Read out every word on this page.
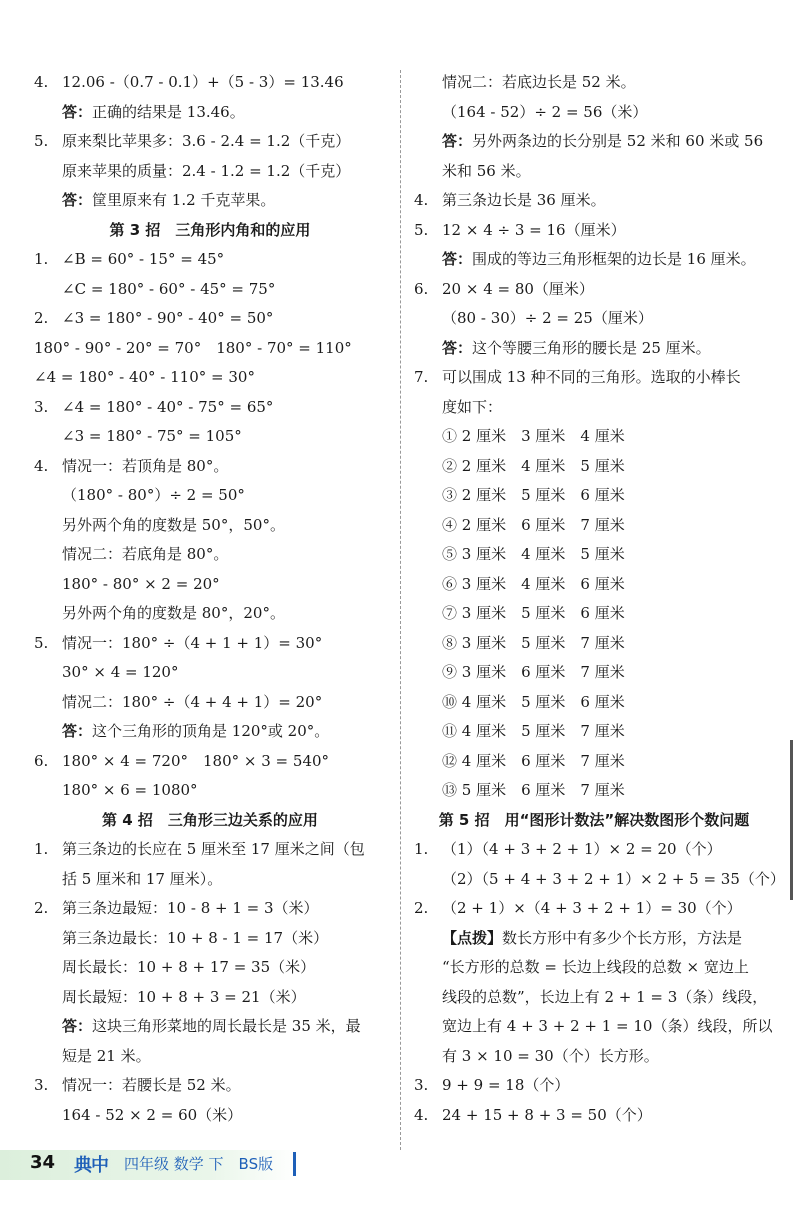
4. 12.06 -（0.7 - 0.1）+（5 - 3）= 13.46
答：正确的结果是 13.46。
5. 原来梨比苹果多：3.6 - 2.4 = 1.2（千克）
原来苹果的质量：2.4 - 1.2 = 1.2（千克）
答：筐里原来有 1.2 千克苹果。
第 3 招　三角形内角和的应用
1. ∠B = 60° - 15° = 45°
∠C = 180° - 60° - 45° = 75°
2. ∠3 = 180° - 90° - 40° = 50°
180° - 90° - 20° = 70°　180° - 70° = 110°
∠4 = 180° - 40° - 110° = 30°
3. ∠4 = 180° - 40° - 75° = 65°
∠3 = 180° - 75° = 105°
4. 情况一：若顶角是 80°。
（180° - 80°）÷ 2 = 50°
另外两个角的度数是 50°，50°。
情况二：若底角是 80°。
180° - 80° × 2 = 20°
另外两个角的度数是 80°，20°。
5. 情况一：180° ÷（4 + 1 + 1）= 30°
30° × 4 = 120°
情况二：180° ÷（4 + 4 + 1）= 20°
答：这个三角形的顶角是 120°或 20°。
6. 180° × 4 = 720°　180° × 3 = 540°
180° × 6 = 1080°
第 4 招　三角形三边关系的应用
1. 第三条边的长应在 5 厘米至 17 厘米之间（包
括 5 厘米和 17 厘米）。
2. 第三条边最短：10 - 8 + 1 = 3（米）
第三条边最长：10 + 8 - 1 = 17（米）
周长最长：10 + 8 + 17 = 35（米）
周长最短：10 + 8 + 3 = 21（米）
答：这块三角形菜地的周长最长是 35 米，最
短是 21 米。
3. 情况一：若腰长是 52 米。
164 - 52 × 2 = 60（米）
情况二：若底边长是 52 米。
（164 - 52）÷ 2 = 56（米）
答：另外两条边的长分别是 52 米和 60 米或 56
米和 56 米。
4. 第三条边长是 36 厘米。
5. 12 × 4 ÷ 3 = 16（厘米）
答：围成的等边三角形框架的边长是 16 厘米。
6. 20 × 4 = 80（厘米）
（80 - 30）÷ 2 = 25（厘米）
答：这个等腰三角形的腰长是 25 厘米。
7. 可以围成 13 种不同的三角形。选取的小棒长
度如下：
① 2 厘米　3 厘米　4 厘米
② 2 厘米　4 厘米　5 厘米
③ 2 厘米　5 厘米　6 厘米
④ 2 厘米　6 厘米　7 厘米
⑤ 3 厘米　4 厘米　5 厘米
⑥ 3 厘米　4 厘米　6 厘米
⑦ 3 厘米　5 厘米　6 厘米
⑧ 3 厘米　5 厘米　7 厘米
⑨ 3 厘米　6 厘米　7 厘米
⑩ 4 厘米　5 厘米　6 厘米
⑪ 4 厘米　5 厘米　7 厘米
⑫ 4 厘米　6 厘米　7 厘米
⑬ 5 厘米　6 厘米　7 厘米
第 5 招　用“图形计数法”解决数图形个数问题
1. （1）（4 + 3 + 2 + 1）× 2 = 20（个）
（2）（5 + 4 + 3 + 2 + 1）× 2 + 5 = 35（个）
2. （2 + 1）×（4 + 3 + 2 + 1）= 30（个）
【点拨】数长方形中有多少个长方形，方法是
“长方形的总数 = 长边上线段的总数 × 宽边上
线段的总数”，长边上有 2 + 1 = 3（条）线段，
宽边上有 4 + 3 + 2 + 1 = 10（条）线段，所以
有 3 × 10 = 30（个）长方形。
3. 9 + 9 = 18（个）
4. 24 + 15 + 8 + 3 = 50（个）
34 典中 四年级 数学 下　BS版
